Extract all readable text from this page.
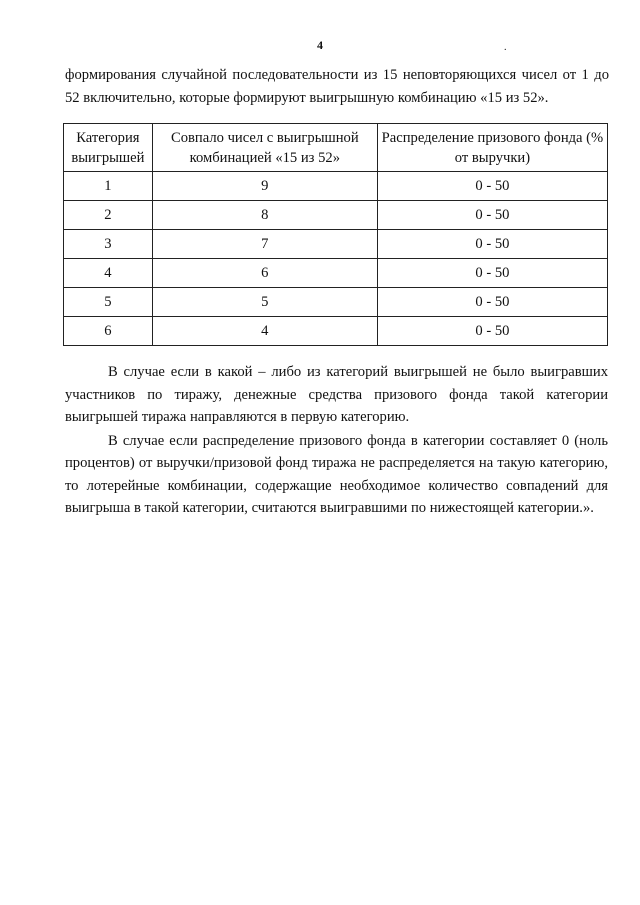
4	.
формирования случайной последовательности из 15 неповторяющихся чисел от 1 до 52 включительно, которые формируют выигрышную комбинацию «15 из 52».
Категория выигрышей	Совпало чисел с выигрышной комбинацией «15 из 52»	Распределение призового фонда (% от выручки)
1	9	0 - 50
2	8	0 - 50
3	7	0 - 50
4	6	0 - 50
5	5	0 - 50
6	4	0 - 50

В случае если в какой – либо из категорий выигрышей не было выигравших участников по тиражу, денежные средства призового фонда такой категории выигрышей тиража направляются в первую категорию.

В случае если распределение призового фонда в категории составляет 0 (ноль процентов) от выручки/призовой фонд тиража не распределяется на такую категорию, то лотерейные комбинации, содержащие необходимое количество совпадений для выигрыша в такой категории, считаются выигравшими по нижестоящей категории.».
